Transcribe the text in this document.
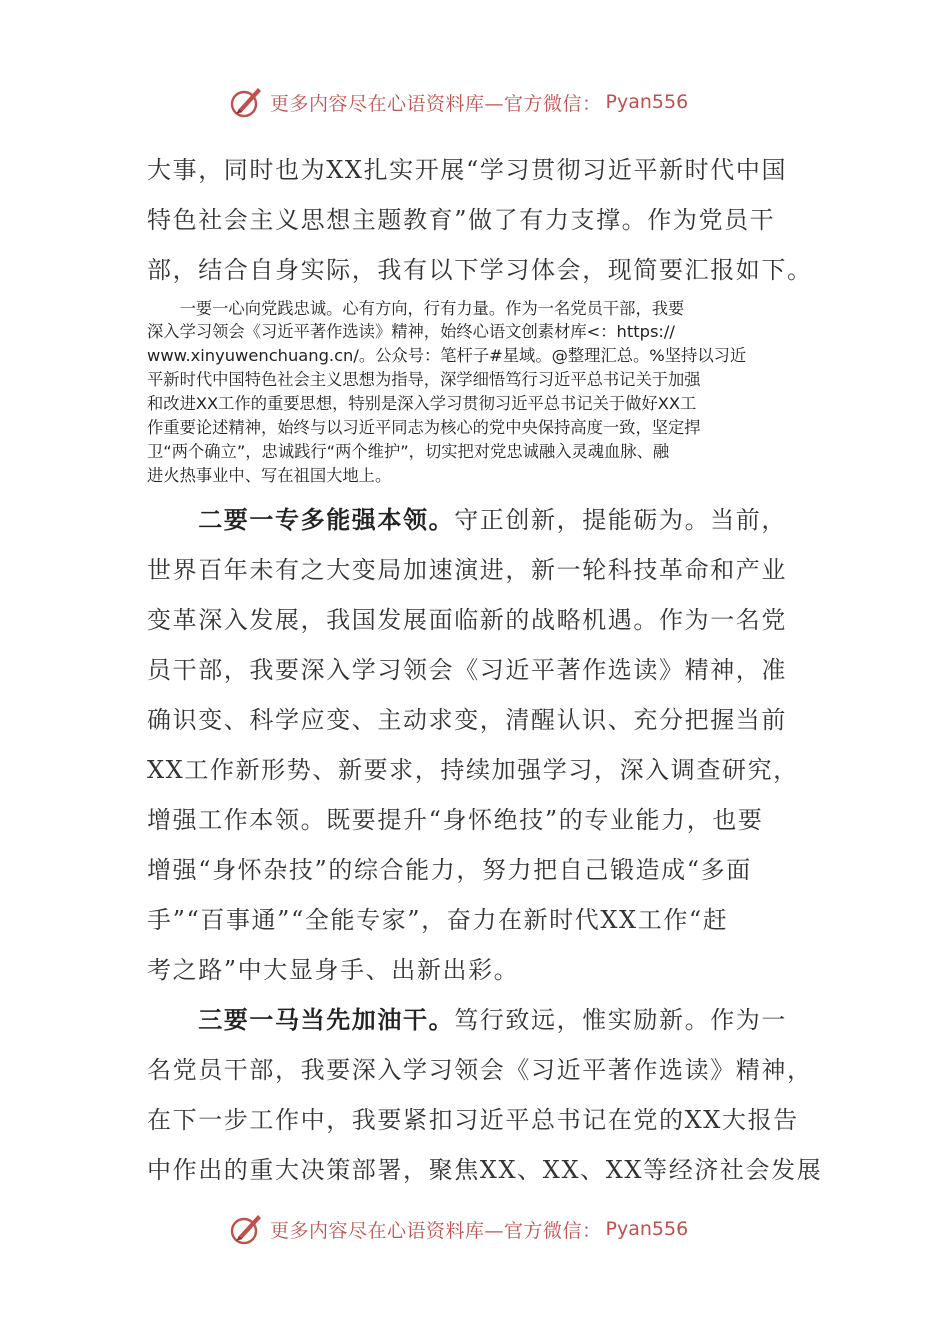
更多内容尽在心语资料库—官方微信： Pyan556
大事，同时也为XX扎实开展“学习贯彻习近平新时代中国
特色社会主义思想主题教育”做了有力支撑。作为党员干
部，结合自身实际，我有以下学习体会，现简要汇报如下。
　　一要一心向党践忠诚。心有方向，行有力量。作为一名党员干部，我要
深入学习领会《习近平著作选读》精神，始终心语文创素材库<：https://
www.xinyuwenchuang.cn/。公众号：笔杆子#星域。@整理汇总。%坚持以习近
平新时代中国特色社会主义思想为指导，深学细悟笃行习近平总书记关于加强
和改进XX工作的重要思想，特别是深入学习贯彻习近平总书记关于做好XX工
作重要论述精神，始终与以习近平同志为核心的党中央保持高度一致，坚定捍
卫“两个确立”，忠诚践行“两个维护”，切实把对党忠诚融入灵魂血脉、融
进火热事业中、写在祖国大地上。
　　二要一专多能强本领。守正创新，提能砺为。当前，
世界百年未有之大变局加速演进，新一轮科技革命和产业
变革深入发展，我国发展面临新的战略机遇。作为一名党
员干部，我要深入学习领会《习近平著作选读》精神，准
确识变、科学应变、主动求变，清醒认识、充分把握当前
XX工作新形势、新要求，持续加强学习，深入调查研究，
增强工作本领。既要提升“身怀绝技”的专业能力，也要
增强“身怀杂技”的综合能力，努力把自己锻造成“多面
手”“百事通”“全能专家”，奋力在新时代XX工作“赶
考之路”中大显身手、出新出彩。
　　三要一马当先加油干。笃行致远，惟实励新。作为一
名党员干部，我要深入学习领会《习近平著作选读》精神，
在下一步工作中，我要紧扣习近平总书记在党的XX大报告
中作出的重大决策部署，聚焦XX、XX、XX等经济社会发展
更多内容尽在心语资料库—官方微信： Pyan556
